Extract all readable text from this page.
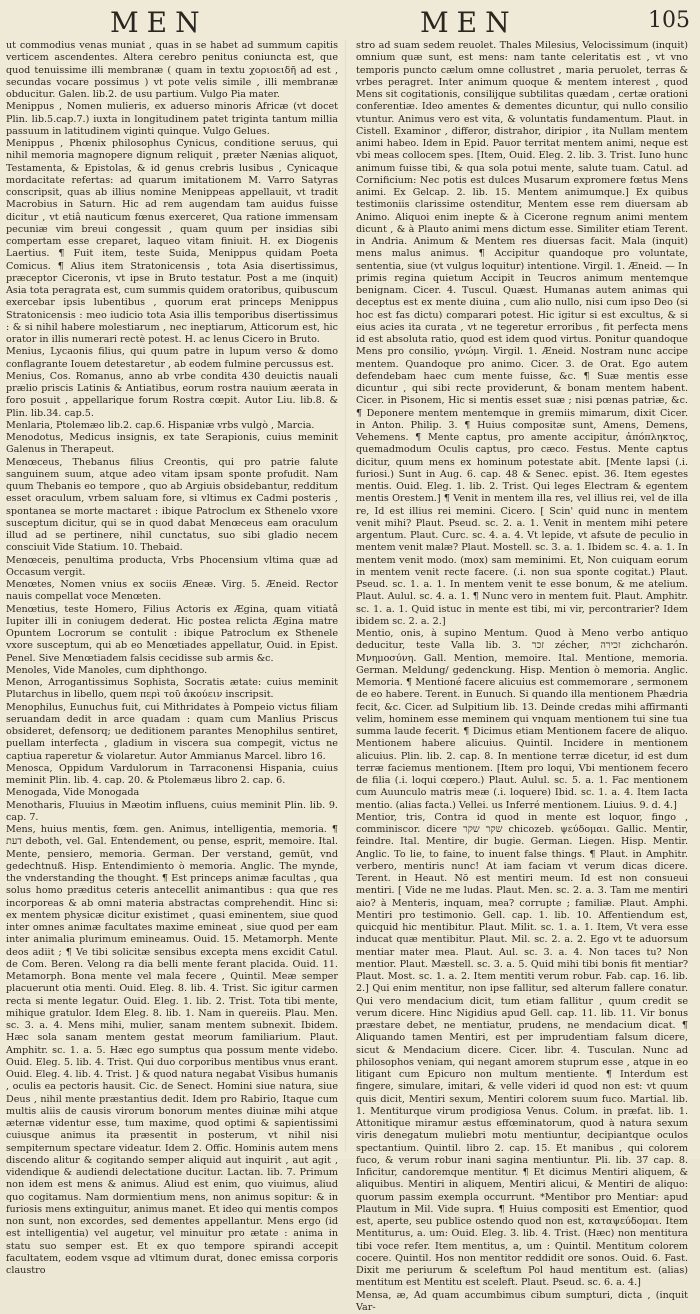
MEN	MEN	105

ut commodius venas muniat , quas in se habet ad summum capitis verticem ascendentes. Altera cerebro penitus coniuncta est, que quod tenuissime illi membranæ ( quam in textu χοριοειδῆ ad est , secundas vocare possimus ) vt pote velis simile , illi membranæ obducitur. Galen. lib.2. de usu partium. Vulgo Pia mater.

Menippus , Nomen mulieris, ex aduerso minoris Africæ (vt docet Plin. lib.5.cap.7.) iuxta in longitudinem patet triginta tantum millia passuum in latitudinem viginti quinque. Vulgo Gelues.

Menippus , Phœnix philosophus Cynicus, conditione seruus, qui nihil memoria magnopere dignum reliquit , præter Nænias aliquot, Testamenta, & Epistolas, & id genus crebris lusibus , Cynicaque mordacitate refertas: ad quarum imitationem M. Varro Satyras conscripsit, quas ab illius nomine Menippeas appellauit, vt tradit Macrobius in Saturn. Hic ad rem augendam tam auidus fuisse dicitur , vt etiâ nauticum fœnus exerceret, Qua ratione immensam pecuniæ vim breui congessit , quam quum per insidias sibi compertam esse creparet, laqueo vitam finiuit. H. ex Diogenis Laertius. ¶ Fuit item, teste Suida, Menippus quidam Poeta Comicus. ¶ Alius item Stratonicensis , tota Asia disertissimus, præceptor Ciceronis, vt ipse in Bruto testatur. Post a me (inquit) Asia tota peragrata est, cum summis quidem oratoribus, quibuscum exercebar ipsis lubentibus , quorum erat princeps Menippus Stratonicensis : meo iudicio tota Asia illis temporibus disertissimus : & si nihil habere molestiarum , nec ineptiarum, Atticorum est, hic orator in illis numerari rectè potest. H. ac lenus Cicero in Bruto.

Menius, Lycaonis filius, qui quum patre in lupum verso & domo conflagrante Iouem detestaretur , ab eodem fulmine percussus est.

Menius, Cos. Romanus, anno ab vrbe condita 430 deuictis nauali prælio priscis Latinis & Antiatibus, eorum rostra nauium æerata in foro posuit , appellarique forum Rostra cœpit. Autor Liu. lib.8. & Plin. lib.34. cap.5.

Menlaria, Ptolemæo lib.2. cap.6. Hispaniæ vrbs vulgò , Marcia.

Menodotus, Medicus insignis, ex tate Serapionis, cuius meminit Galenus in Therapeut.

Menœceus, Thebanus filius Creontis, qui pro patrie falute sanguinem suum, atque adeo vitam ipsam sponte profudit. Nam quum Thebanis eo tempore , quo ab Argiuis obsidebantur, redditum esset oraculum, vrbem saluam fore, si vltimus ex Cadmi posteris , spontanea se morte mactaret : ibique Patroclum ex Sthenelo vxore susceptum dicitur, qui se in quod dabat Menœceus eam oraculum illud ad se pertinere, nihil cunctatus, suo sibi gladio necem consciuit Vide Statium. 10. Thebaid.

Menœceis, penultima producta, Vrbs Phocensium vltima quæ ad Occasum vergit.

Menœtes, Nomen vnius ex sociis Æneæ. Virg. 5. Æneid. Rector nauis compellat voce Menœten.

Menœtius, teste Homero, Filius Actoris ex Ægina, quam vitiatâ Iupiter illi in coniugem dederat. Hic postea relicta Ægina matre Opuntem Locrorum se contulit : ibique Patroclum ex Sthenele vxore susceptum, qui ab eo Menœtiades appellatur, Ouid. in Epist. Penel. Sive Menœtiadem falsis cecidisse sub armis &c.

Menoles, Vide Manoles, cum diphthongo.

Menon, Arrogantissimus Sophista, Socratis ætate: cuius meminit Plutarchus in libello, quem περὶ τοῦ ἀκούειν inscripsit.

Menophilus, Eunuchus fuit, cui Mithridates à Pompeio victus filiam seruandam dedit in arce quadam : quam cum Manlius Priscus obsideret, defensorq; ue deditionem parantes Menophilus sentiret, puellam interfecta , gladium in viscera sua compegit, victus ne captiua raperetur & violaretur. Autor Ammianus Marcel. libro 16.

Menosca, Oppidum Vardulorum in Tarraconensi Hispania, cuius meminit Plin. lib. 4. cap. 20. & Ptolemæus libro 2. cap. 6.

Menogada, Vide Monogada

Menotharis, Fluuius in Mæotim influens, cuius meminit Plin. lib. 9. cap. 7.

Mens, huius mentis, fœm. gen. Animus, intelligentia, memoria. ¶ דעת deboth, vel. Gal. Entendement, ou pense, esprit, memoire. Ital. Mente, pensiero, memoria. German. Der verstand, gemüt, vnd gedechtnuß. Hisp. Entendimiento ò memoria. Anglic. The mynde, the vnderstanding the thought. ¶ Est princeps animæ facultas , qua solus homo præditus ceteris antecellit animantibus : qua que res incorporeas & ab omni materia abstractas comprehendit. Hinc si: ex mentem physicæ dicitur existimet , quasi eminentem, siue quod inter omnes animæ facultates maxime emineat , siue quod per eam inter animalia plurimum emineamus. Ouid. 15. Metamorph. Mente deos adiit ; ¶ Ve tibi solicitæ sensibus excepta mens excidit Catul. de Com. Beren. Velong ra dia belli mente ferant placida. Ouid. 11. Metamorph. Bona mente vel mala fecere , Quintil. Meæ semper placuerunt otia menti. Ouid. Eleg. 8. lib. 4. Trist. Sic igitur carmen recta si mente legatur. Ouid. Eleg. 1. lib. 2. Trist. Tota tibi mente, mihique gratulor. Idem Eleg. 8. lib. 1. Nam in quereiis. Plau. Men. sc. 3. a. 4. Mens mihi, mulier, sanam mentem subnexit. Ibidem. Hæc sola sanam mentem gestat meorum familiarium. Plaut. Amphitr. sc. 1. a. 5. Hæc ego sumptus qua possum mente videbo. Ouid. Eleg. 5. lib. 4. Trist. Qui duo corporibus mentibus vnus erant. Ouid. Eleg. 4. lib. 4. Trist. ] & quod natura negabat Visibus humanis , oculis ea pectoris hausit. Cic. de Senect. Homini siue natura, siue Deus , nihil mente præstantius dedit. Idem pro Rabirio, Itaque cum multis aliis de causis virorum bonorum mentes diuinæ mihi atque æternæ videntur esse, tum maxime, quod optimi & sapientissimi cuiusque animus ita præsentit in posterum, vt nihil nisi sempiternum spectare videatur. Idem 2. Offic. Hominis autem mens discendo alitur & cogitando semper aliquid aut inquirit , aut agit , videndique & audiendi delectatione ducitur. Lactan. lib. 7. Primum non idem est mens & animus. Aliud est enim, quo viuimus, aliud quo cogitamus. Nam dormientium mens, non animus sopitur: & in furiosis mens extinguitur, animus manet. Et ideo qui mentis compos non sunt, non excordes, sed dementes appellantur. Mens ergo (id est intelligentia) vel augetur, vel minuitur pro ætate : anima in statu suo semper est. Et ex quo tempore spirandi accepit facultatem, eodem vsque ad vltimum durat, donec emissa corporis claustro

stro ad suam sedem reuolet. Thales Milesius, Velocissimum (inquit) omnium quæ sunt, est mens: nam tante celeritatis est , vt vno temporis puncto cælum omne collustret , maria peruolet, terras & vrbes peragret. Inter animum quoque & mentem interest , quod Mens sit cogitationis, consilijque subtilitas quædam , certæ orationi conferentiæ. Ideo amentes & dementes dicuntur, qui nullo consilio vtuntur. Animus vero est vita, & voluntatis fundamentum. Plaut. in Cistell. Examinor , differor, distrahor, diripior , ita Nullam mentem animi habeo. Idem in Epid. Pauor territat mentem animi, neque est vbi meas collocem spes. [Item, Ouid. Eleg. 2. lib. 3. Trist. Iuno hunc animum fuisse tibi, & qua sola potui mente, salute tuam. Catul. ad Cornificium: Nec potis est dulces Musarum expromere fœtus Mens animi. Ex Gelcap. 2. lib. 15. Mentem animumque.] Ex quibus testimoniis clarissime ostenditur, Mentem esse rem diuersam ab Animo. Aliquoi enim inepte & à Cicerone regnum animi mentem dicunt , & à Plauto animi mens dictum esse. Similiter etiam Terent. in Andria. Animum & Mentem res diuersas facit. Mala (inquit) mens malus animus. ¶ Accipitur quandoque pro voluntate, sententia, siue (vt vulgus loquitur) intentione. Virgil. 1. Æneid. — In primis regina quietum Accipit in Teucros animum mentemque benignam. Cicer. 4. Tuscul. Quæst. Humanas autem animas qui deceptus est ex mente diuina , cum alio nullo, nisi cum ipso Deo (si hoc est fas dictu) comparari potest. Hic igitur si est excultus, & si eius acies ita curata , vt ne tegeretur erroribus , fit perfecta mens id est absoluta ratio, quod est idem quod virtus. Ponitur quandoque Mens pro consilio, γνώμη. Virgil. 1. Æneid. Nostram nunc accipe mentem. Quandoque pro animo. Cicer. 3. de Orat. Ego autem defendebam haec cum mente fuisse, &c. ¶ Suæ mentis esse dicuntur , qui sibi recte providerunt, & bonam mentem habent. Cicer. in Pisonem, Hic si mentis esset suæ ; nisi pœnas patriæ, &c. ¶ Deponere mentem mentemque in gremiis mimarum, dixit Cicer. in Anton. Philip. 3. ¶ Huius compositæ sunt, Amens, Demens, Vehemens. ¶ Mente captus, pro amente accipitur, ἀπόπληκτος, quemadmodum Oculis captus, pro cæco. Festus. Mente captus dicitur, quum mens ex hominum potestate abit. [Mente lapsi (.i. furiosi.) Sunt in Aug. 6. cap. 48 & Senec. epist. 36. Item egestes mentis. Ouid. Eleg. 1. lib. 2. Trist. Qui leges Electram & egentem mentis Orestem.] ¶ Venit in mentem illa res, vel illius rei, vel de illa re, Id est illius rei memini. Cicero. [ Scin' quid nunc in mentem venit mihi? Plaut. Pseud. sc. 2. a. 1. Venit in mentem mihi petere argentum. Plaut. Curc. sc. 4. a. 4. Vt lepide, vt afsute de peculio in mentem venit malæ? Plaut. Mostell. sc. 3. a. 1. Ibidem sc. 4. a. 1. In mentem venit modo. (mox) sam meminimi. Et, Non cuiquam eorum in mentem venit recte facere. (.i. non sua sponte cogitat.) Plaut. Pseud. sc. 1. a. 1. In mentem venit te esse bonum, & me atelium. Plaut. Aulul. sc. 4. a. 1. ¶ Nunc vero in mentem fuit. Plaut. Amphitr. sc. 1. a. 1. Quid istuc in mente est tibi, mi vir, percontrarier? Idem ibidem sc. 2. a. 2.]

Mentio, onis, à supino Mentum. Quod à Meno verbo antiquo deducitur, teste Valla lib. 3. זכר zécher, זכירה zichcharón. Μνημοσύνη. Gall. Mention, memoire. Ital. Mentione, memoria. German. Meldung/ gedenckung. Hisp. Mention ò memoria. Anglic. Memoria. ¶ Mentioné facere alicuius est commemorare , sermonem de eo habere. Terent. in Eunuch. Si quando illa mentionem Phædria fecit, &c. Cicer. ad Sulpitium lib. 13. Deinde credas mihi affirmanti velim, hominem esse meminem qui vnquam mentionem tui sine tua summa laude fecerit. ¶ Dicimus etiam Mentionem facere de aliquo. Mentionem habere alicuius. Quintil. Incidere in mentionem alicuius. Plin. lib. 2. cap. 8. In mentione terræ dicetur, id est dum terræ faciemus mentionem. [Item pro loqui, Vbi mentionem fecero de filia (.i. loqui cœpero.) Plaut. Aulul. sc. 5. a. 1. Fac mentionem cum Auunculo matris meæ (.i. loquere) Ibid. sc. 1. a. 4. Item Iacta mentio. (alias facta.) Vellei. us Inferré mentionem. Liuius. 9. d. 4.]

Mentior, tris, Contra id quod in mente est loquor, fingo , comminiscor. dicere שקר שקר chicozeb. ψεύδομαι. Gallic. Mentir, feindre. Ital. Mentire, dir bugie. German. Liegen. Hisp. Mentir. Anglic. To lie, to faine, to inuent false things. ¶ Plaut. in Amphitr. verbero, mentiris nunc! At iam faciam vt verum dicas dicere. Terent. in Heaut. Nō est mentiri meum. Id est non consueui mentiri. [ Vide ne me ludas. Plaut. Men. sc. 2. a. 3. Tam me mentiri aio? à Menteris, inquam, mea? corrupte ; familiæ. Plaut. Amphi. Mentiri pro testimonio. Gell. cap. 1. lib. 10. Affentiendum est, quicquid hic mentibitur. Plaut. Milit. sc. 1. a. 1. Item, Vt vera esse inducat quæ mentibitur. Plaut. Mil. sc. 2. a. 2. Ego vt te aduorsum mentiar mater mea. Plaut. Aul. sc. 3. a. 4. Non taces tu? Non mentior. Plaut. Mæstell. sc. 3. a. 5. Quid mihi tibi bonis fit mentiar? Plaut. Most. sc. 1. a. 2. Item mentiti verum robur. Fab. cap. 16. lib. 2.] Qui enim mentitur, non ipse fallitur, sed alterum fallere conatur. Qui vero mendacium dicit, tum etiam fallitur , quum credit se verum dicere. Hinc Nigidius apud Gell. cap. 11. lib. 11. Vir bonus præstare debet, ne mentiatur, prudens, ne mendacium dicat. ¶ Aliquando tamen Mentiri, est per imprudentiam falsum dicere, sicut & Mendacium dicere. Cicer. libr. 4. Tusculan. Nunc ad philosophos veniam, qui negant amorem stuprum esse , atque in eo litigant cum Epicuro non multum mentiente. ¶ Interdum est fingere, simulare, imitari, & velle videri id quod non est: vt quum quis dicit, Mentiri sexum, Mentiri colorem suum fuco. Martial. lib. 1. Mentiturque virum prodigiosa Venus. Colum. in præfat. lib. 1. Attonitique miramur æstus effœminatorum, quod à natura sexum viris denegatum muliebri motu mentiuntur, decipiantque oculos spectantium. Quintil. libro 2. cap. 15. Et manibus , qui colorem fuco, & verum robur inani sagina mentiuntur. Pli. lib. 37 cap. 8. Inficitur, candoremque mentitur. ¶ Et dicimus Mentiri aliquem, & aliquibus. Mentiri in aliquem, Mentiri alicui, & Mentiri de aliquo: quorum passim exempla occurrunt. *Mentibor pro Mentiar: apud Plautum in Mil. Vide supra. ¶ Huius compositi est Ementior, quod est, aperte, seu publice ostendo quod non est, καταψεύδομαι. Item Mentiturus, a. um: Ouid. Eleg. 3. lib. 4. Trist. (Hæc) non mentitura tibi voce refer. Item mentitus, a, um : Quintil. Mentitum colorem cocere. Quintil. Hos non mentitor reddidit ore sonos. Ouid. 6. Fast. Dixit me periurum & sceleftum Pol haud mentitum est. (alias) mentitum est Mentitu est sceleft. Plaut. Pseud. sc. 6. a. 4.]

Mensa, æ, Ad quam accumbimus cibum sumpturi, dicta , (inquit Var-
